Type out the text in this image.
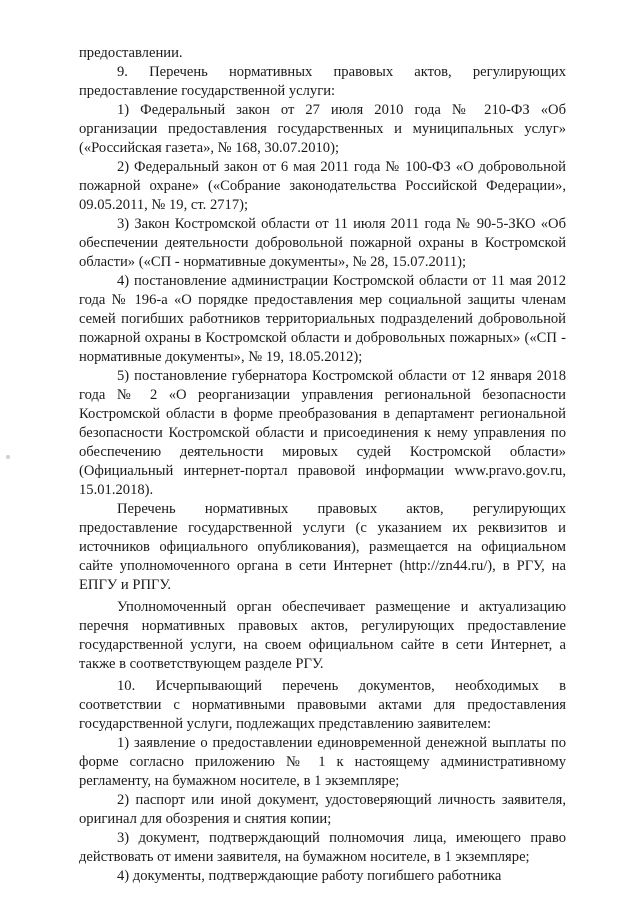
предоставлении.

9. Перечень нормативных правовых актов, регулирующих предоставление государственной услуги:

1) Федеральный закон от 27 июля 2010 года № 210-ФЗ «Об организации предоставления государственных и муниципальных услуг» («Российская газета», № 168, 30.07.2010);

2) Федеральный закон от 6 мая 2011 года № 100-ФЗ «О добровольной пожарной охране» («Собрание законодательства Российской Федерации», 09.05.2011, № 19, ст. 2717);

3) Закон Костромской области от 11 июля 2011 года № 90-5-ЗКО «Об обеспечении деятельности добровольной пожарной охраны в Костромской области» («СП - нормативные документы», № 28, 15.07.2011);

4) постановление администрации Костромской области от 11 мая 2012 года № 196-а «О порядке предоставления мер социальной защиты членам семей погибших работников территориальных подразделений добровольной пожарной охраны в Костромской области и добровольных пожарных» («СП - нормативные документы», № 19, 18.05.2012);

5) постановление губернатора Костромской области от 12 января 2018 года № 2 «О реорганизации управления региональной безопасности Костромской области в форме преобразования в департамент региональной безопасности Костромской области и присоединения к нему управления по обеспечению деятельности мировых судей Костромской области» (Официальный интернет-портал правовой информации www.pravo.gov.ru, 15.01.2018).

Перечень нормативных правовых актов, регулирующих предоставление государственной услуги (с указанием их реквизитов и источников официального опубликования), размещается на официальном сайте уполномоченного органа в сети Интернет (http://zn44.ru/), в РГУ, на ЕПГУ и РПГУ.

Уполномоченный орган обеспечивает размещение и актуализацию перечня нормативных правовых актов, регулирующих предоставление государственной услуги, на своем официальном сайте в сети Интернет, а также в соответствующем разделе РГУ.

10. Исчерпывающий перечень документов, необходимых в соответствии с нормативными правовыми актами для предоставления государственной услуги, подлежащих представлению заявителем:

1) заявление о предоставлении единовременной денежной выплаты по форме согласно приложению № 1 к настоящему административному регламенту, на бумажном носителе, в 1 экземпляре;

2) паспорт или иной документ, удостоверяющий личность заявителя, оригинал для обозрения и снятия копии;

3) документ, подтверждающий полномочия лица, имеющего право действовать от имени заявителя, на бумажном носителе, в 1 экземпляре;

4) документы, подтверждающие работу погибшего работника
